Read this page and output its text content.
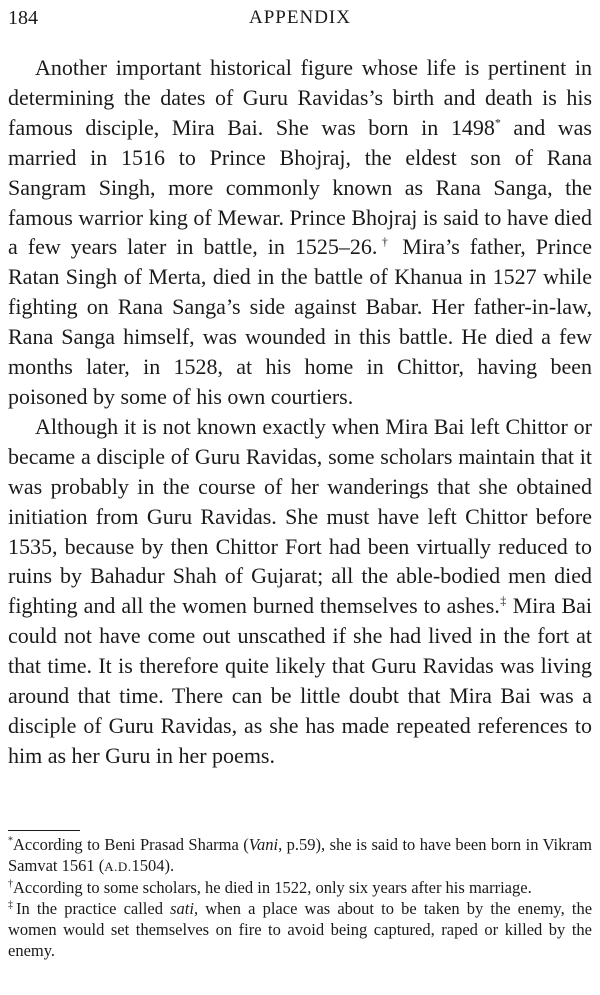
184	APPENDIX

Another important historical figure whose life is pertinent in determining the dates of Guru Ravidas’s birth and death is his famous disciple, Mira Bai. She was born in 1498* and was married in 1516 to Prince Bhojraj, the eldest son of Rana Sangram Singh, more commonly known as Rana Sanga, the famous warrior king of Mewar. Prince Bhojraj is said to have died a few years later in battle, in 1525–26.† Mira’s father, Prince Ratan Singh of Merta, died in the battle of Khanua in 1527 while fighting on Rana Sanga’s side against Babar. Her father-in-law, Rana Sanga himself, was wounded in this battle. He died a few months later, in 1528, at his home in Chittor, having been poisoned by some of his own courtiers.

Although it is not known exactly when Mira Bai left Chittor or became a disciple of Guru Ravidas, some scholars maintain that it was probably in the course of her wanderings that she obtained initiation from Guru Ravidas. She must have left Chittor before 1535, because by then Chittor Fort had been virtually reduced to ruins by Bahadur Shah of Gujarat; all the able-bodied men died fighting and all the women burned themselves to ashes.‡ Mira Bai could not have come out unscathed if she had lived in the fort at that time. It is therefore quite likely that Guru Ravidas was living around that time. There can be little doubt that Mira Bai was a disciple of Guru Ravidas, as she has made repeated references to him as her Guru in her poems.

*According to Beni Prasad Sharma (Vani, p.59), she is said to have been born in Vikram Samvat 1561 (A.D.1504).

†According to some scholars, he died in 1522, only six years after his marriage.

‡In the practice called sati, when a place was about to be taken by the enemy, the women would set themselves on fire to avoid being captured, raped or killed by the enemy.
